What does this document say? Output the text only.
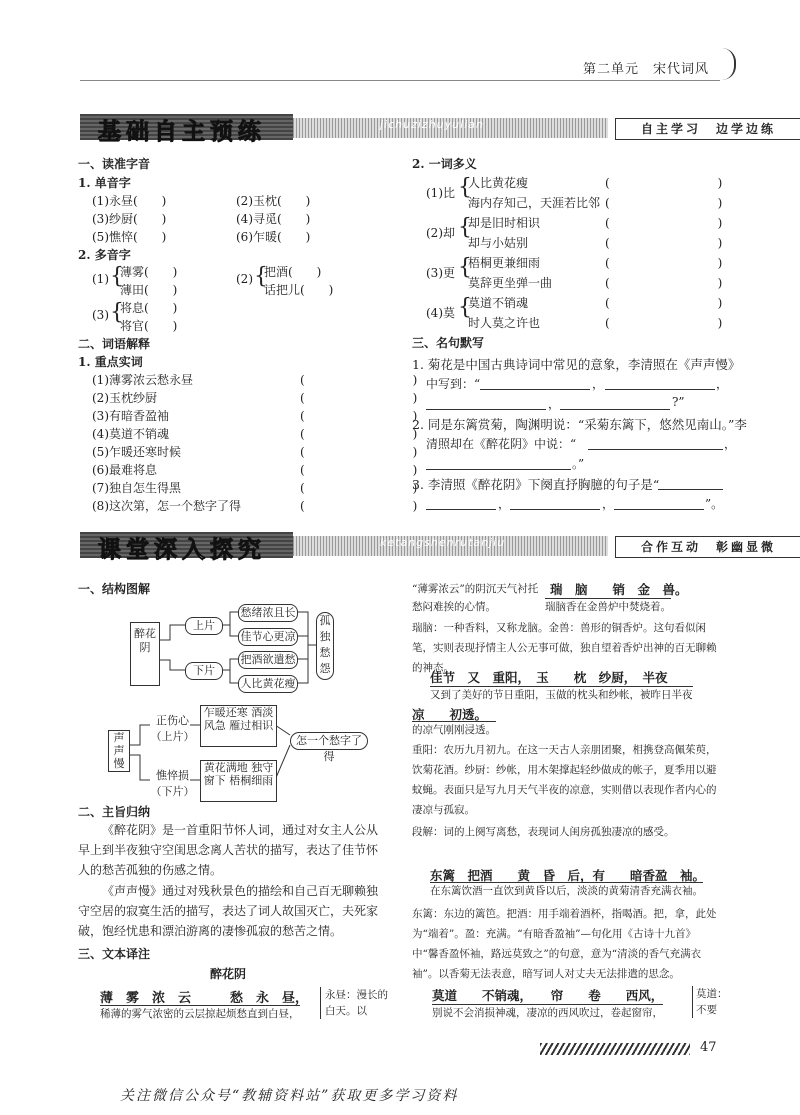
第二单元　宋代词风
基础自主预练	jichuzizhuyulian	自主学习　边学边练
一、读准字音
1. 单音字
(1)永昼(　　)	(2)玉枕(　　)
(3)纱厨(　　)	(4)寻觅(　　)
(5)憔悴(　　)	(6)乍暖(　　)
2. 多音字
(1) {
薄雾(　　)
薄田(　　)
(2) {
把酒(　　)
话把儿(　　)
(3) {
将息(　　)
将官(　　)
二、词语解释
1. 重点实词
(1)薄雾浓云愁永昼	(　　　　　　　　　)
(2)玉枕纱厨	(　　　　　　　　　)
(3)有暗香盈袖	(　　　　　　　　　)
(4)莫道不销魂	(　　　　　　　　　)
(5)乍暖还寒时候	(　　　　　　　　　)
(6)最难将息	(　　　　　　　　　)
(7)独自怎生得黑	(　　　　　　　　　)
(8)这次第，怎一个愁字了得	(　　　　　　　　　)
2. 一词多义
(1)比 {
人比黄花瘦
海内存知己，天涯若比邻
(　　　　　　　　　)
(　　　　　　　　　)
(2)却 {
却是旧时相识
却与小姑别
(　　　　　　　　　)
(　　　　　　　　　)
(3)更 {
梧桐更兼细雨
莫辞更坐弹一曲
(　　　　　　　　　)
(　　　　　　　　　)
(4)莫 {
莫道不销魂
时人莫之许也
(　　　　　　　　　)
(　　　　　　　　　)
三、名句默写
1. 菊花是中国古典诗词中常见的意象，李清照在《声声慢》
中写到：“	，	，
，	?”
2. 同是东篱赏菊，陶渊明说：“采菊东篱下，悠然见南山。”李
清照却在《醉花阴》中说：“	，
。”
3. 李清照《醉花阴》下阕直抒胸臆的句子是“
，	，	”。
课堂深入探究	ketangshenrutanjiu	合作互动　彰幽显微
一、结构图解
醉花阴
上片
下片
愁绪浓且长
佳节心更凉
把酒欲遣愁
人比黄花瘦
孤独愁怨
声声慢
正伤心（上片）
憔悴损（下片）
乍暖还寒 酒淡风急 雁过相识
黄花满地 独守窗下 梧桐细雨
怎一个愁字了得
二、主旨归纳
《醉花阴》是一首重阳节怀人词，通过对女主人公从早上到半夜独守空闺思念离人苦状的描写，表达了佳节怀人的愁苦孤独的伤感之情。
《声声慢》通过对残秋景色的描绘和自己百无聊赖独守空居的寂寞生活的描写，表达了词人故国灭亡，夫死家破，饱经忧患和漂泊游离的凄惨孤寂的愁苦之情。
三、文本译注
醉花阴
薄　雾　浓　云　　　愁　永　昼，
稀薄的雾气浓密的云层掠起烦愁直到白昼，
永昼：漫长的白天。以
“薄雾浓云”的阴沉天气衬托愁闷难挨的心情。
瑞　脑　　销　金　兽。
瑞脑香在金兽炉中焚烧着。
瑞脑：一种香料，又称龙脑。金兽：兽形的铜香炉。这句看似闲笔，实则表现抒情主人公无事可做，独自望着香炉出神的百无聊赖的神态。
佳节　又　重阳，　玉　　枕　纱厨，　半夜
又到了美好的节日重阳，玉做的枕头和纱帐，被昨日半夜
凉　　初透。
的凉气刚刚浸透。
重阳：农历九月初九。在这一天古人亲朋团聚，相携登高佩茱萸，饮菊花酒。纱厨：纱帐，用木架撑起轻纱做成的帐子，夏季用以避蚊蝇。表面只是写九月天气半夜的凉意，实则借以表现作者内心的凄凉与孤寂。
段解：词的上阕写离愁，表现词人闺房孤独凄凉的感受。
东篱　把酒　　黄　昏　后，有　　暗香盈　袖。
在东篱饮酒一直饮到黄昏以后，淡淡的黄菊清香充满衣袖。
东篱：东边的篱笆。把酒：用手端着酒杯，指喝酒。把，拿，此处为“端着”。盈：充满。“有暗香盈袖”—句化用《古诗十九首》中“馨香盈怀袖，路远莫致之”的句意，意为“清淡的香气充满衣袖”。以香菊无法表意，暗写词人对丈夫无法排遣的思念。
莫道　　不销魂，　　帘　　卷　　西风，
别说不会消损神魂，凄凉的西风吹过，卷起窗帘，
莫道：不要
47
关注微信公众号“教辅资料站”获取更多学习资料
